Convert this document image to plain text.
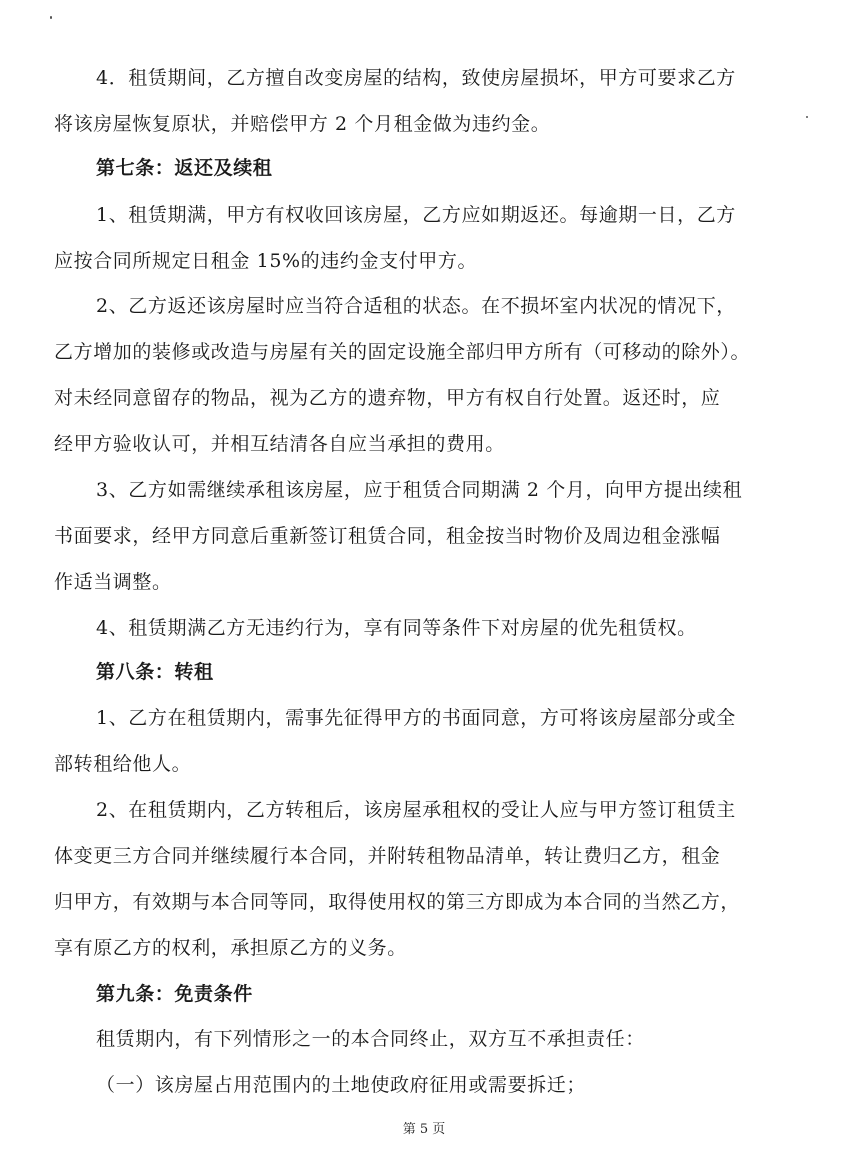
4．租赁期间，乙方擅自改变房屋的结构，致使房屋损坏，甲方可要求乙方
将该房屋恢复原状，并赔偿甲方 2 个月租金做为违约金。
第七条：返还及续租
1、租赁期满，甲方有权收回该房屋，乙方应如期返还。每逾期一日，乙方
应按合同所规定日租金 15%的违约金支付甲方。
2、乙方返还该房屋时应当符合适租的状态。在不损坏室内状况的情况下，
乙方增加的装修或改造与房屋有关的固定设施全部归甲方所有（可移动的除外）。
对未经同意留存的物品，视为乙方的遗弃物，甲方有权自行处置。返还时，应
经甲方验收认可，并相互结清各自应当承担的费用。
3、乙方如需继续承租该房屋，应于租赁合同期满 2 个月，向甲方提出续租
书面要求，经甲方同意后重新签订租赁合同，租金按当时物价及周边租金涨幅
作适当调整。
4、租赁期满乙方无违约行为，享有同等条件下对房屋的优先租赁权。
第八条：转租
1、乙方在租赁期内，需事先征得甲方的书面同意，方可将该房屋部分或全
部转租给他人。
2、在租赁期内，乙方转租后，该房屋承租权的受让人应与甲方签订租赁主
体变更三方合同并继续履行本合同，并附转租物品清单，转让费归乙方，租金
归甲方，有效期与本合同等同，取得使用权的第三方即成为本合同的当然乙方，
享有原乙方的权利，承担原乙方的义务。
第九条：免责条件
租赁期内，有下列情形之一的本合同终止，双方互不承担责任：
（一）该房屋占用范围内的土地使政府征用或需要拆迁；
第 5 页
